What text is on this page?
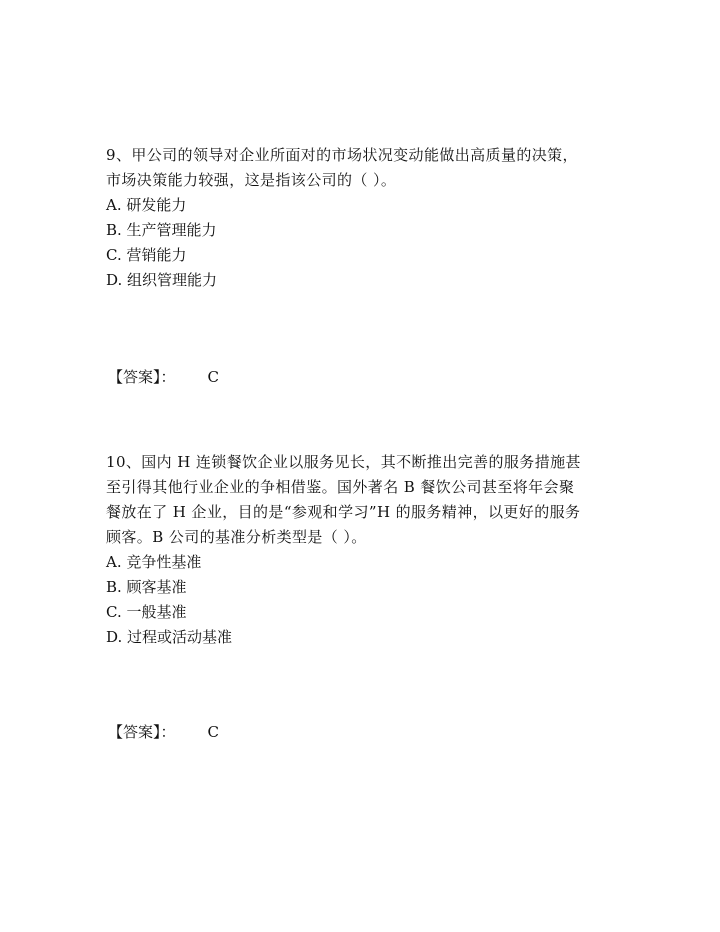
9、甲公司的领导对企业所面对的市场状况变动能做出高质量的决策，
市场决策能力较强，这是指该公司的（ ）。
A. 研发能力
B. 生产管理能力
C. 营销能力
D. 组织管理能力
【答案】： C
10、国内 H 连锁餐饮企业以服务见长，其不断推出完善的服务措施甚
至引得其他行业企业的争相借鉴。国外著名 B 餐饮公司甚至将年会聚
餐放在了 H 企业，目的是“参观和学习”H 的服务精神，以更好的服务
顾客。B 公司的基准分析类型是（ ）。
A. 竞争性基准
B. 顾客基准
C. 一般基准
D. 过程或活动基准
【答案】： C
